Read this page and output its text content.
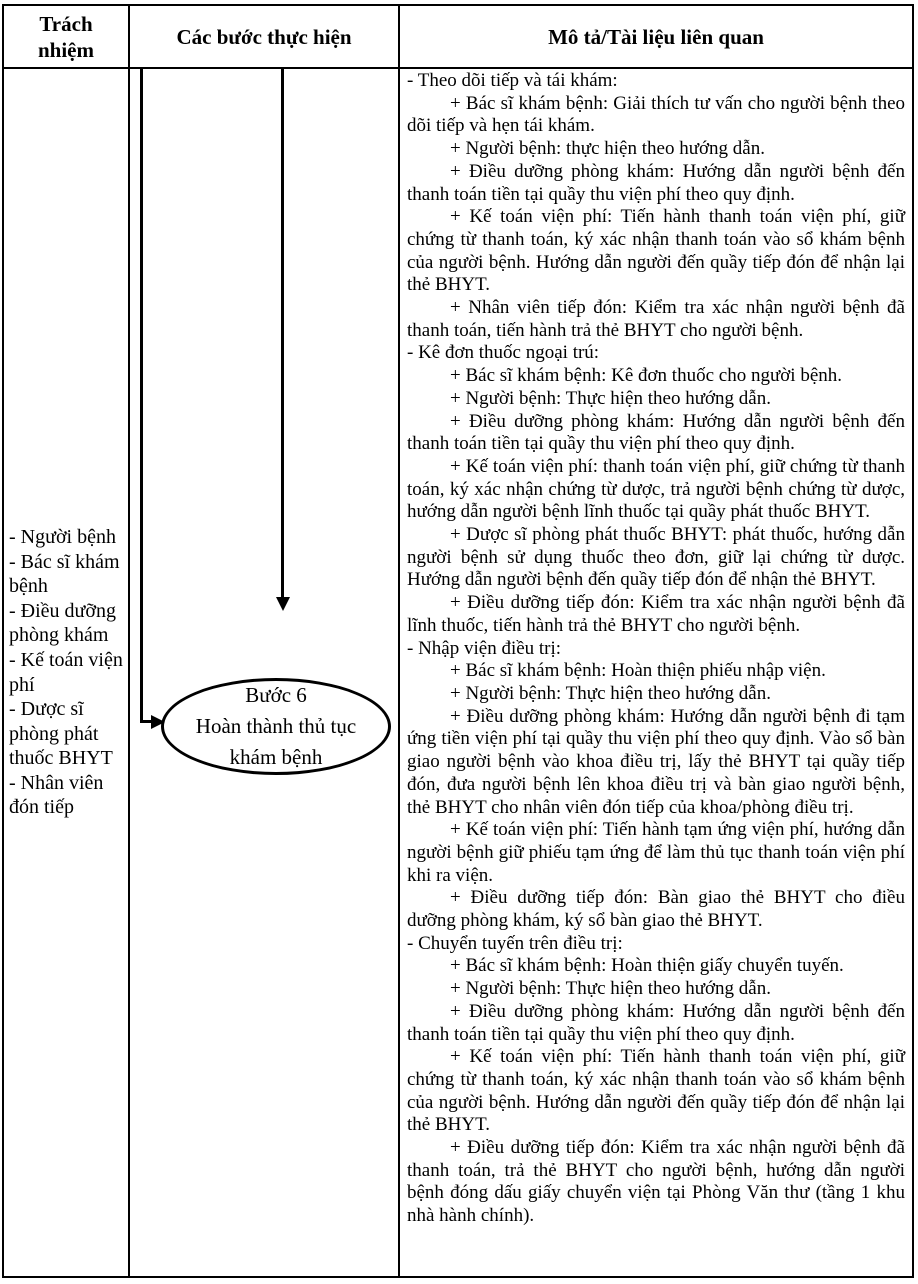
Trách nhiệm
Các bước thực hiện	Mô tả/Tài liệu liên quan

- Người bệnh

- Bác sĩ khám bệnh

- Điều dưỡng phòng khám

- Kế toán viện phí

- Dược sĩ phòng phát thuốc BHYT

- Nhân viên đón tiếp

Bước 6
Hoàn thành thủ tục khám bệnh

- Theo dõi tiếp và tái khám:

+ Bác sĩ khám bệnh: Giải thích tư vấn cho người bệnh theo dõi tiếp và hẹn tái khám.

+ Người bệnh: thực hiện theo hướng dẫn.

+ Điều dưỡng phòng khám: Hướng dẫn người bệnh đến thanh toán tiền tại quầy thu viện phí theo quy định.

+ Kế toán viện phí: Tiến hành thanh toán viện phí, giữ chứng từ thanh toán, ký xác nhận thanh toán vào sổ khám bệnh của người bệnh. Hướng dẫn người đến quầy tiếp đón để nhận lại thẻ BHYT.

+ Nhân viên tiếp đón: Kiểm tra xác nhận người bệnh đã thanh toán, tiến hành trả thẻ BHYT cho người bệnh.

- Kê đơn thuốc ngoại trú:

+ Bác sĩ khám bệnh: Kê đơn thuốc cho người bệnh.

+ Người bệnh: Thực hiện theo hướng dẫn.

+ Điều dưỡng phòng khám: Hướng dẫn người bệnh đến thanh toán tiền tại quầy thu viện phí theo quy định.

+ Kế toán viện phí: thanh toán viện phí, giữ chứng từ thanh toán, ký xác nhận chứng từ dược, trả người bệnh chứng từ dược, hướng dẫn người bệnh lĩnh thuốc tại quầy phát thuốc BHYT.

+ Dược sĩ phòng phát thuốc BHYT: phát thuốc, hướng dẫn người bệnh sử dụng thuốc theo đơn, giữ lại chứng từ dược. Hướng dẫn người bệnh đến quầy tiếp đón để nhận thẻ BHYT.

+ Điều dưỡng tiếp đón: Kiểm tra xác nhận người bệnh đã lĩnh thuốc, tiến hành trả thẻ BHYT cho người bệnh.

- Nhập viện điều trị:

+ Bác sĩ khám bệnh: Hoàn thiện phiếu nhập viện.

+ Người bệnh: Thực hiện theo hướng dẫn.

+ Điều dưỡng phòng khám: Hướng dẫn người bệnh đi tạm ứng tiền viện phí tại quầy thu viện phí theo quy định. Vào sổ bàn giao người bệnh vào khoa điều trị, lấy thẻ BHYT tại quầy tiếp đón, đưa người bệnh lên khoa điều trị và bàn giao người bệnh, thẻ BHYT cho nhân viên đón tiếp của khoa/phòng điều trị.

+ Kế toán viện phí: Tiến hành tạm ứng viện phí, hướng dẫn người bệnh giữ phiếu tạm ứng để làm thủ tục thanh toán viện phí khi ra viện.

+ Điều dưỡng tiếp đón: Bàn giao thẻ BHYT cho điều dưỡng phòng khám, ký sổ bàn giao thẻ BHYT.

- Chuyển tuyến trên điều trị:

+ Bác sĩ khám bệnh: Hoàn thiện giấy chuyển tuyến.

+ Người bệnh: Thực hiện theo hướng dẫn.

+ Điều dưỡng phòng khám: Hướng dẫn người bệnh đến thanh toán tiền tại quầy thu viện phí theo quy định.

+ Kế toán viện phí: Tiến hành thanh toán viện phí, giữ chứng từ thanh toán, ký xác nhận thanh toán vào sổ khám bệnh của người bệnh. Hướng dẫn người đến quầy tiếp đón để nhận lại thẻ BHYT.

+ Điều dưỡng tiếp đón: Kiểm tra xác nhận người bệnh đã thanh toán, trả thẻ BHYT cho người bệnh, hướng dẫn người bệnh đóng dấu giấy chuyển viện tại Phòng Văn thư (tầng 1 khu nhà hành chính).
